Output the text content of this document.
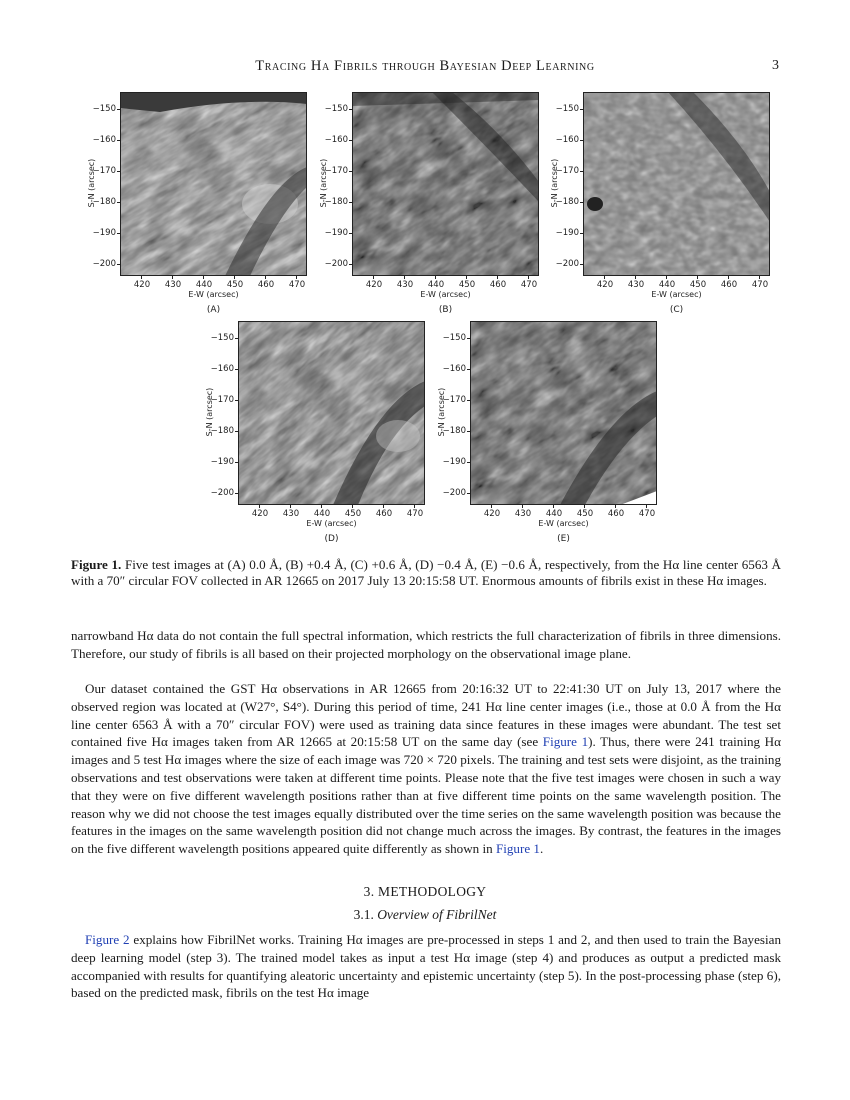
Tracing Hα Fibrils through Bayesian Deep Learning	3
−150
−160
−170
−180
−190
−200
420	430	440	450	460	470
E-W (arcsec)
S-N (arcsec)
(A)
−150
−160
−170
−180
−190
−200
420	430	440	450	460	470
E-W (arcsec)
S-N (arcsec)
(B)
−150
−160
−170
−180
−190
−200
420	430	440	450	460	470
E-W (arcsec)
S-N (arcsec)
(C)
−150
−160
−170
−180
−190
−200
420	430	440	450	460	470
E-W (arcsec)
S-N (arcsec)
(D)
−150
−160
−170
−180
−190
−200
420	430	440	450	460	470
E-W (arcsec)
S-N (arcsec)
(E)
Figure 1. Five test images at (A) 0.0 Å, (B) +0.4 Å, (C) +0.6 Å, (D) −0.4 Å, (E) −0.6 Å, respectively, from the Hα line center 6563 Å with a 70″ circular FOV collected in AR 12665 on 2017 July 13 20:15:58 UT. Enormous amounts of fibrils exist in these Hα images.

narrowband Hα data do not contain the full spectral information, which restricts the full characterization of fibrils in three dimensions. Therefore, our study of fibrils is all based on their projected morphology on the observational image plane.

Our dataset contained the GST Hα observations in AR 12665 from 20:16:32 UT to 22:41:30 UT on July 13, 2017 where the observed region was located at (W27°, S4°). During this period of time, 241 Hα line center images (i.e., those at 0.0 Å from the Hα line center 6563 Å with a 70″ circular FOV) were used as training data since features in these images were abundant. The test set contained five Hα images taken from AR 12665 at 20:15:58 UT on the same day (see Figure 1). Thus, there were 241 training Hα images and 5 test Hα images where the size of each image was 720 × 720 pixels. The training and test sets were disjoint, as the training observations and test observations were taken at different time points. Please note that the five test images were chosen in such a way that they were on five different wavelength positions rather than at five different time points on the same wavelength position. The reason why we did not choose the test images equally distributed over the time series on the same wavelength position was because the features in the images on the same wavelength position did not change much across the images. By contrast, the features in the images on the five different wavelength positions appeared quite differently as shown in Figure 1.

3. METHODOLOGY
3.1. Overview of FibrilNet

Figure 2 explains how FibrilNet works. Training Hα images are pre-processed in steps 1 and 2, and then used to train the Bayesian deep learning model (step 3). The trained model takes as input a test Hα image (step 4) and produces as output a predicted mask accompanied with results for quantifying aleatoric uncertainty and epistemic uncertainty (step 5). In the post-processing phase (step 6), based on the predicted mask, fibrils on the test Hα image
